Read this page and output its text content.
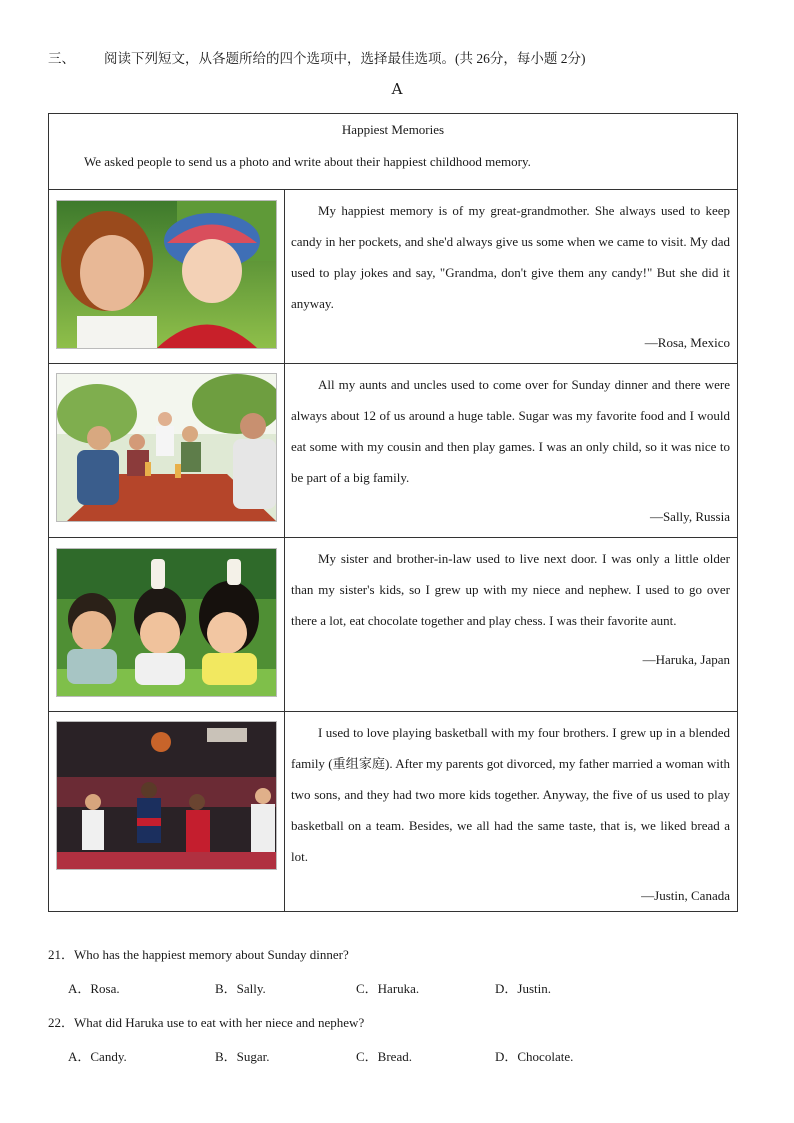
三、 阅读下列短文，从各题所给的四个选项中，选择最佳选项。(共 26分，每小题 2分)
A
Happiest Memories
We asked people to send us a photo and write about their happiest childhood memory.	

My happiest memory is of my great-grandmother. She always used to keep candy in her pockets, and she'd always give us some when we came to visit. My dad used to play jokes and say, "Grandma, don't give them any candy!" But she did it anyway.

—Rosa, Mexico

All my aunts and uncles used to come over for Sunday dinner and there were always about 12 of us around a huge table. Sugar was my favorite food and I would eat some with my cousin and then play games. I was an only child, so it was nice to be part of a big family.

—Sally, Russia

My sister and brother-in-law used to live next door. I was only a little older than my sister's kids, so I grew up with my niece and nephew. I used to go over there a lot, eat chocolate together and play chess. I was their favorite aunt.

—Haruka, Japan

I used to love playing basketball with my four brothers. I grew up in a blended family (重组家庭). After my parents got divorced, my father married a woman with two sons, and they had two more kids together. Anyway, the five of us used to play basketball on a team. Besides, we all had the same taste, that is, we liked bread a lot.

—Justin, Canada

21．Who has the happiest memory about Sunday dinner?
A．Rosa.	B．Sally.	C．Haruka.	D．Justin.
22．What did Haruka use to eat with her niece and nephew?
A．Candy.	B．Sugar.	C．Bread.	D．Chocolate.
